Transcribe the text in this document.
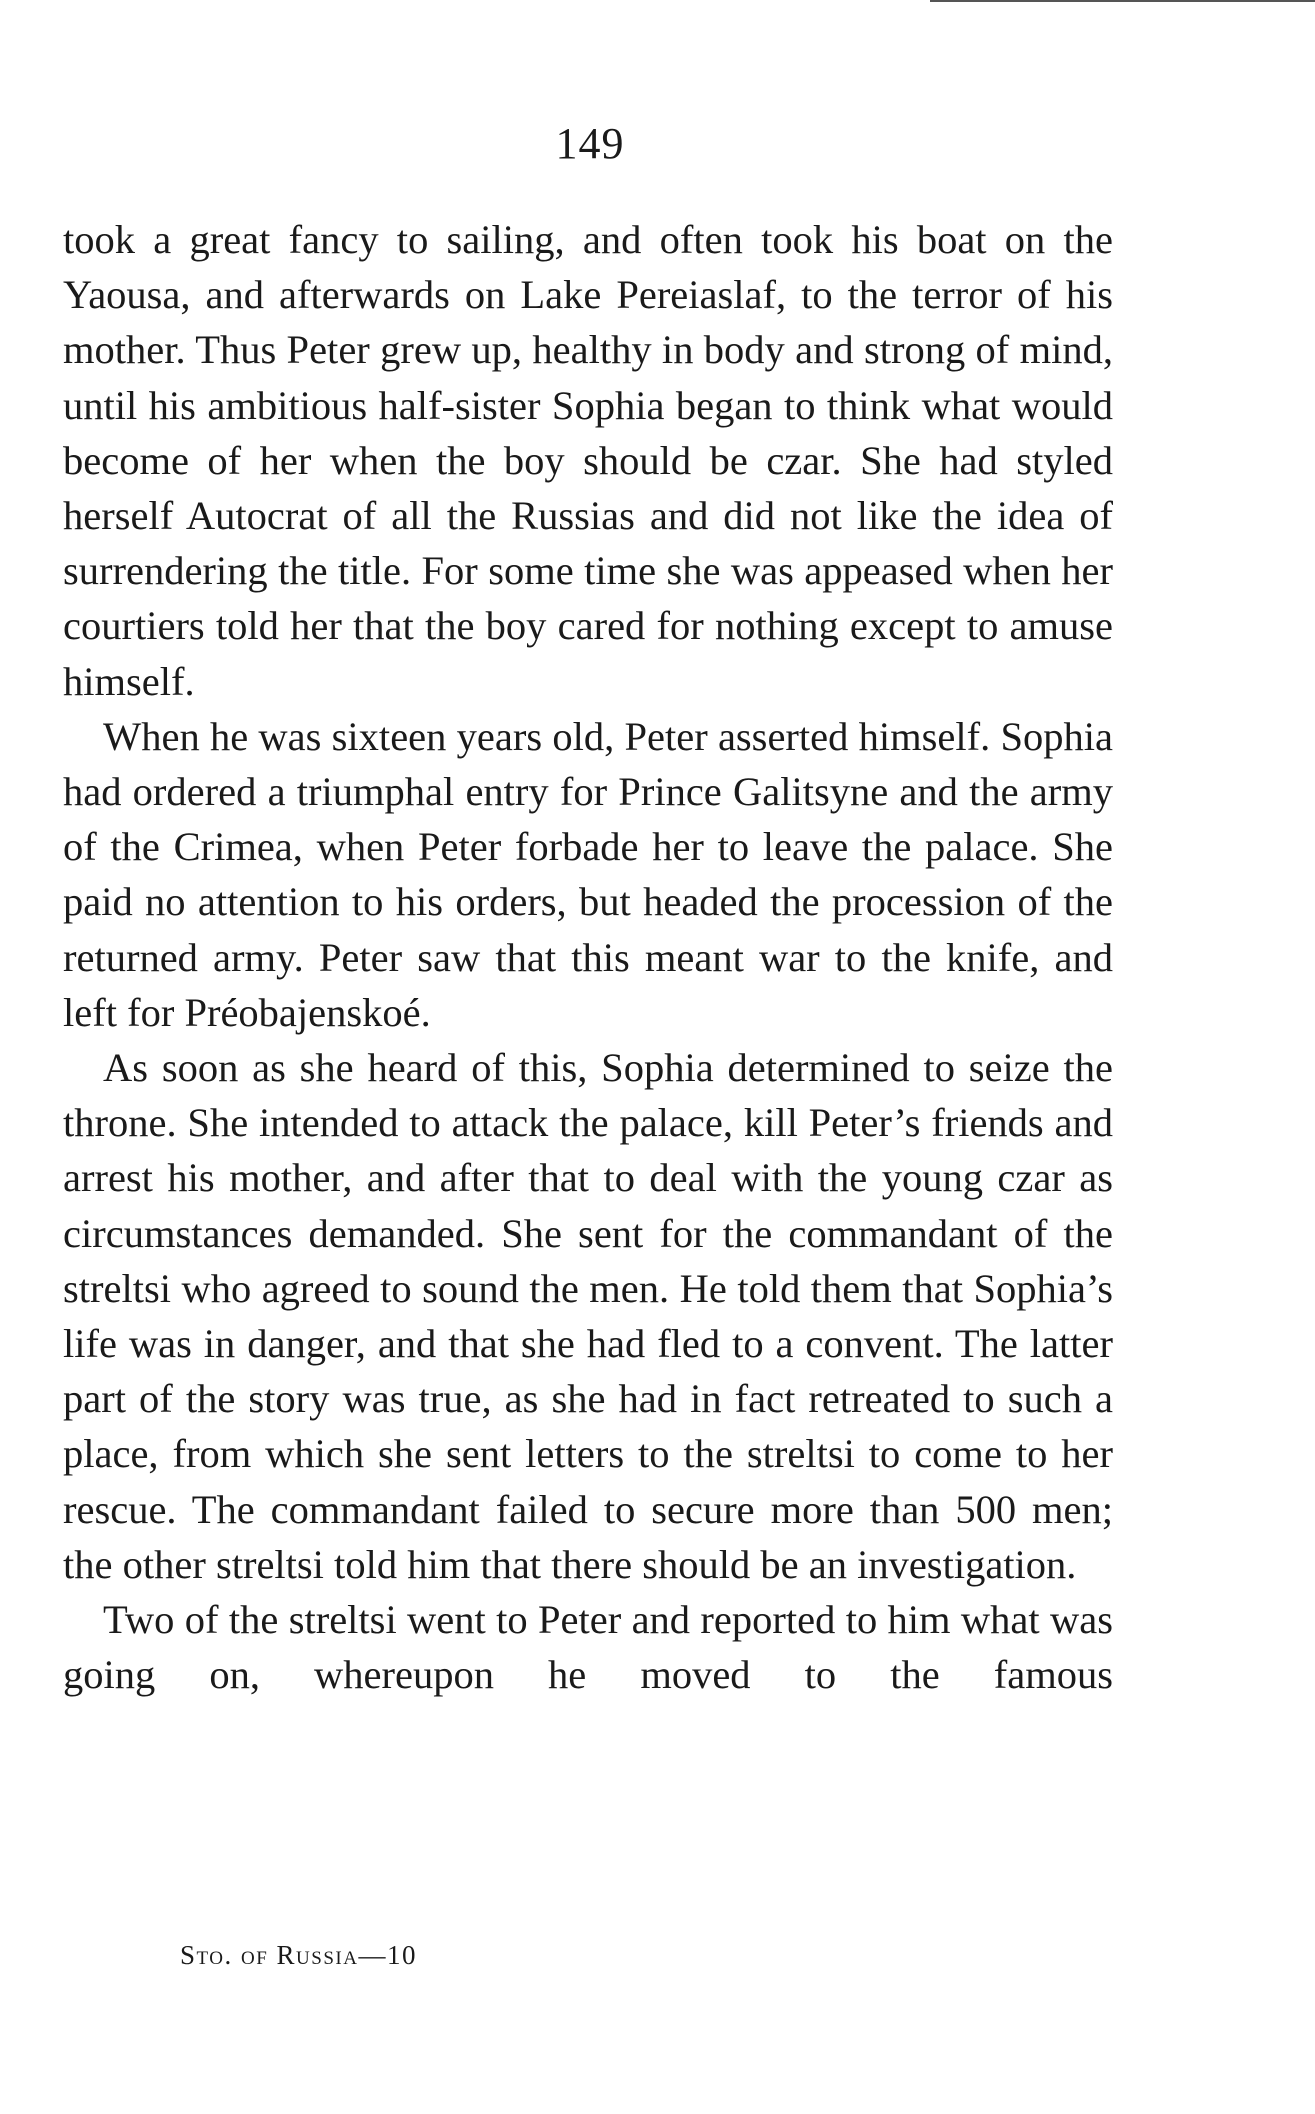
149

took a great fancy to sailing, and often took his boat on the Yaousa, and afterwards on Lake Pereiaslaf, to the terror of his mother. Thus Peter grew up, healthy in body and strong of mind, until his ambitious half-sister Sophia began to think what would become of her when the boy should be czar. She had styled herself Autocrat of all the Russias and did not like the idea of surrendering the title. For some time she was appeased when her courtiers told her that the boy cared for nothing except to amuse himself.

When he was sixteen years old, Peter asserted himself. Sophia had ordered a triumphal entry for Prince Galitsyne and the army of the Crimea, when Peter forbade her to leave the palace. She paid no attention to his orders, but headed the procession of the returned army. Peter saw that this meant war to the knife, and left for Préobajenskoé.

As soon as she heard of this, Sophia determined to seize the throne. She intended to attack the palace, kill Peter’s friends and arrest his mother, and after that to deal with the young czar as circumstances demanded. She sent for the commandant of the streltsi who agreed to sound the men. He told them that Sophia’s life was in danger, and that she had fled to a convent. The latter part of the story was true, as she had in fact retreated to such a place, from which she sent letters to the streltsi to come to her rescue. The commandant failed to secure more than 500 men; the other streltsi told him that there should be an investigation.

Two of the streltsi went to Peter and reported to him what was going on, whereupon he moved to the famous

Sto. of Russia—10
